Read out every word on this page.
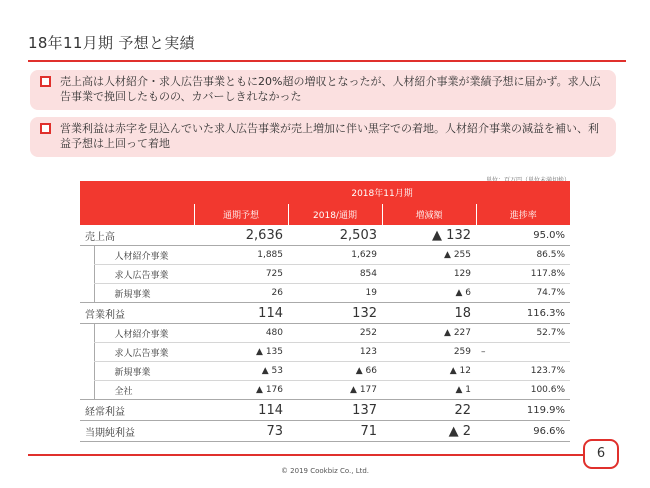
18年11月期 予想と実績
売上高は人材紹介・求人広告事業ともに20%超の増収となったが、人材紹介事業が業績予想に届かず。求人広告事業で挽回したものの、カバーしきれなかった
営業利益は赤字を見込んでいた求人広告事業が売上増加に伴い黒字での着地。人材紹介事業の減益を補い、利益予想は上回って着地
		2018年11月期			
		通期予想	2018/通期	増減額	進捗率
売上高		2,636	2,503	▲ 132	95.0%
	人材紹介事業	1,885	1,629	▲ 255	86.5%
	求人広告事業	725	854	129	117.8%
	新規事業	26	19	▲ 6	74.7%
営業利益		114	132	18	116.3%
	人材紹介事業	480	252	▲ 227	52.7%
	求人広告事業	▲ 135	123	259	–
	新規事業	▲ 53	▲ 66	▲ 12	123.7%
	全社	▲ 176	▲ 177	▲ 1	100.6%
経常利益		114	137	22	119.9%
当期純利益		73	71	▲ 2	96.6%
6
© 2019 Cookbiz Co., Ltd.
